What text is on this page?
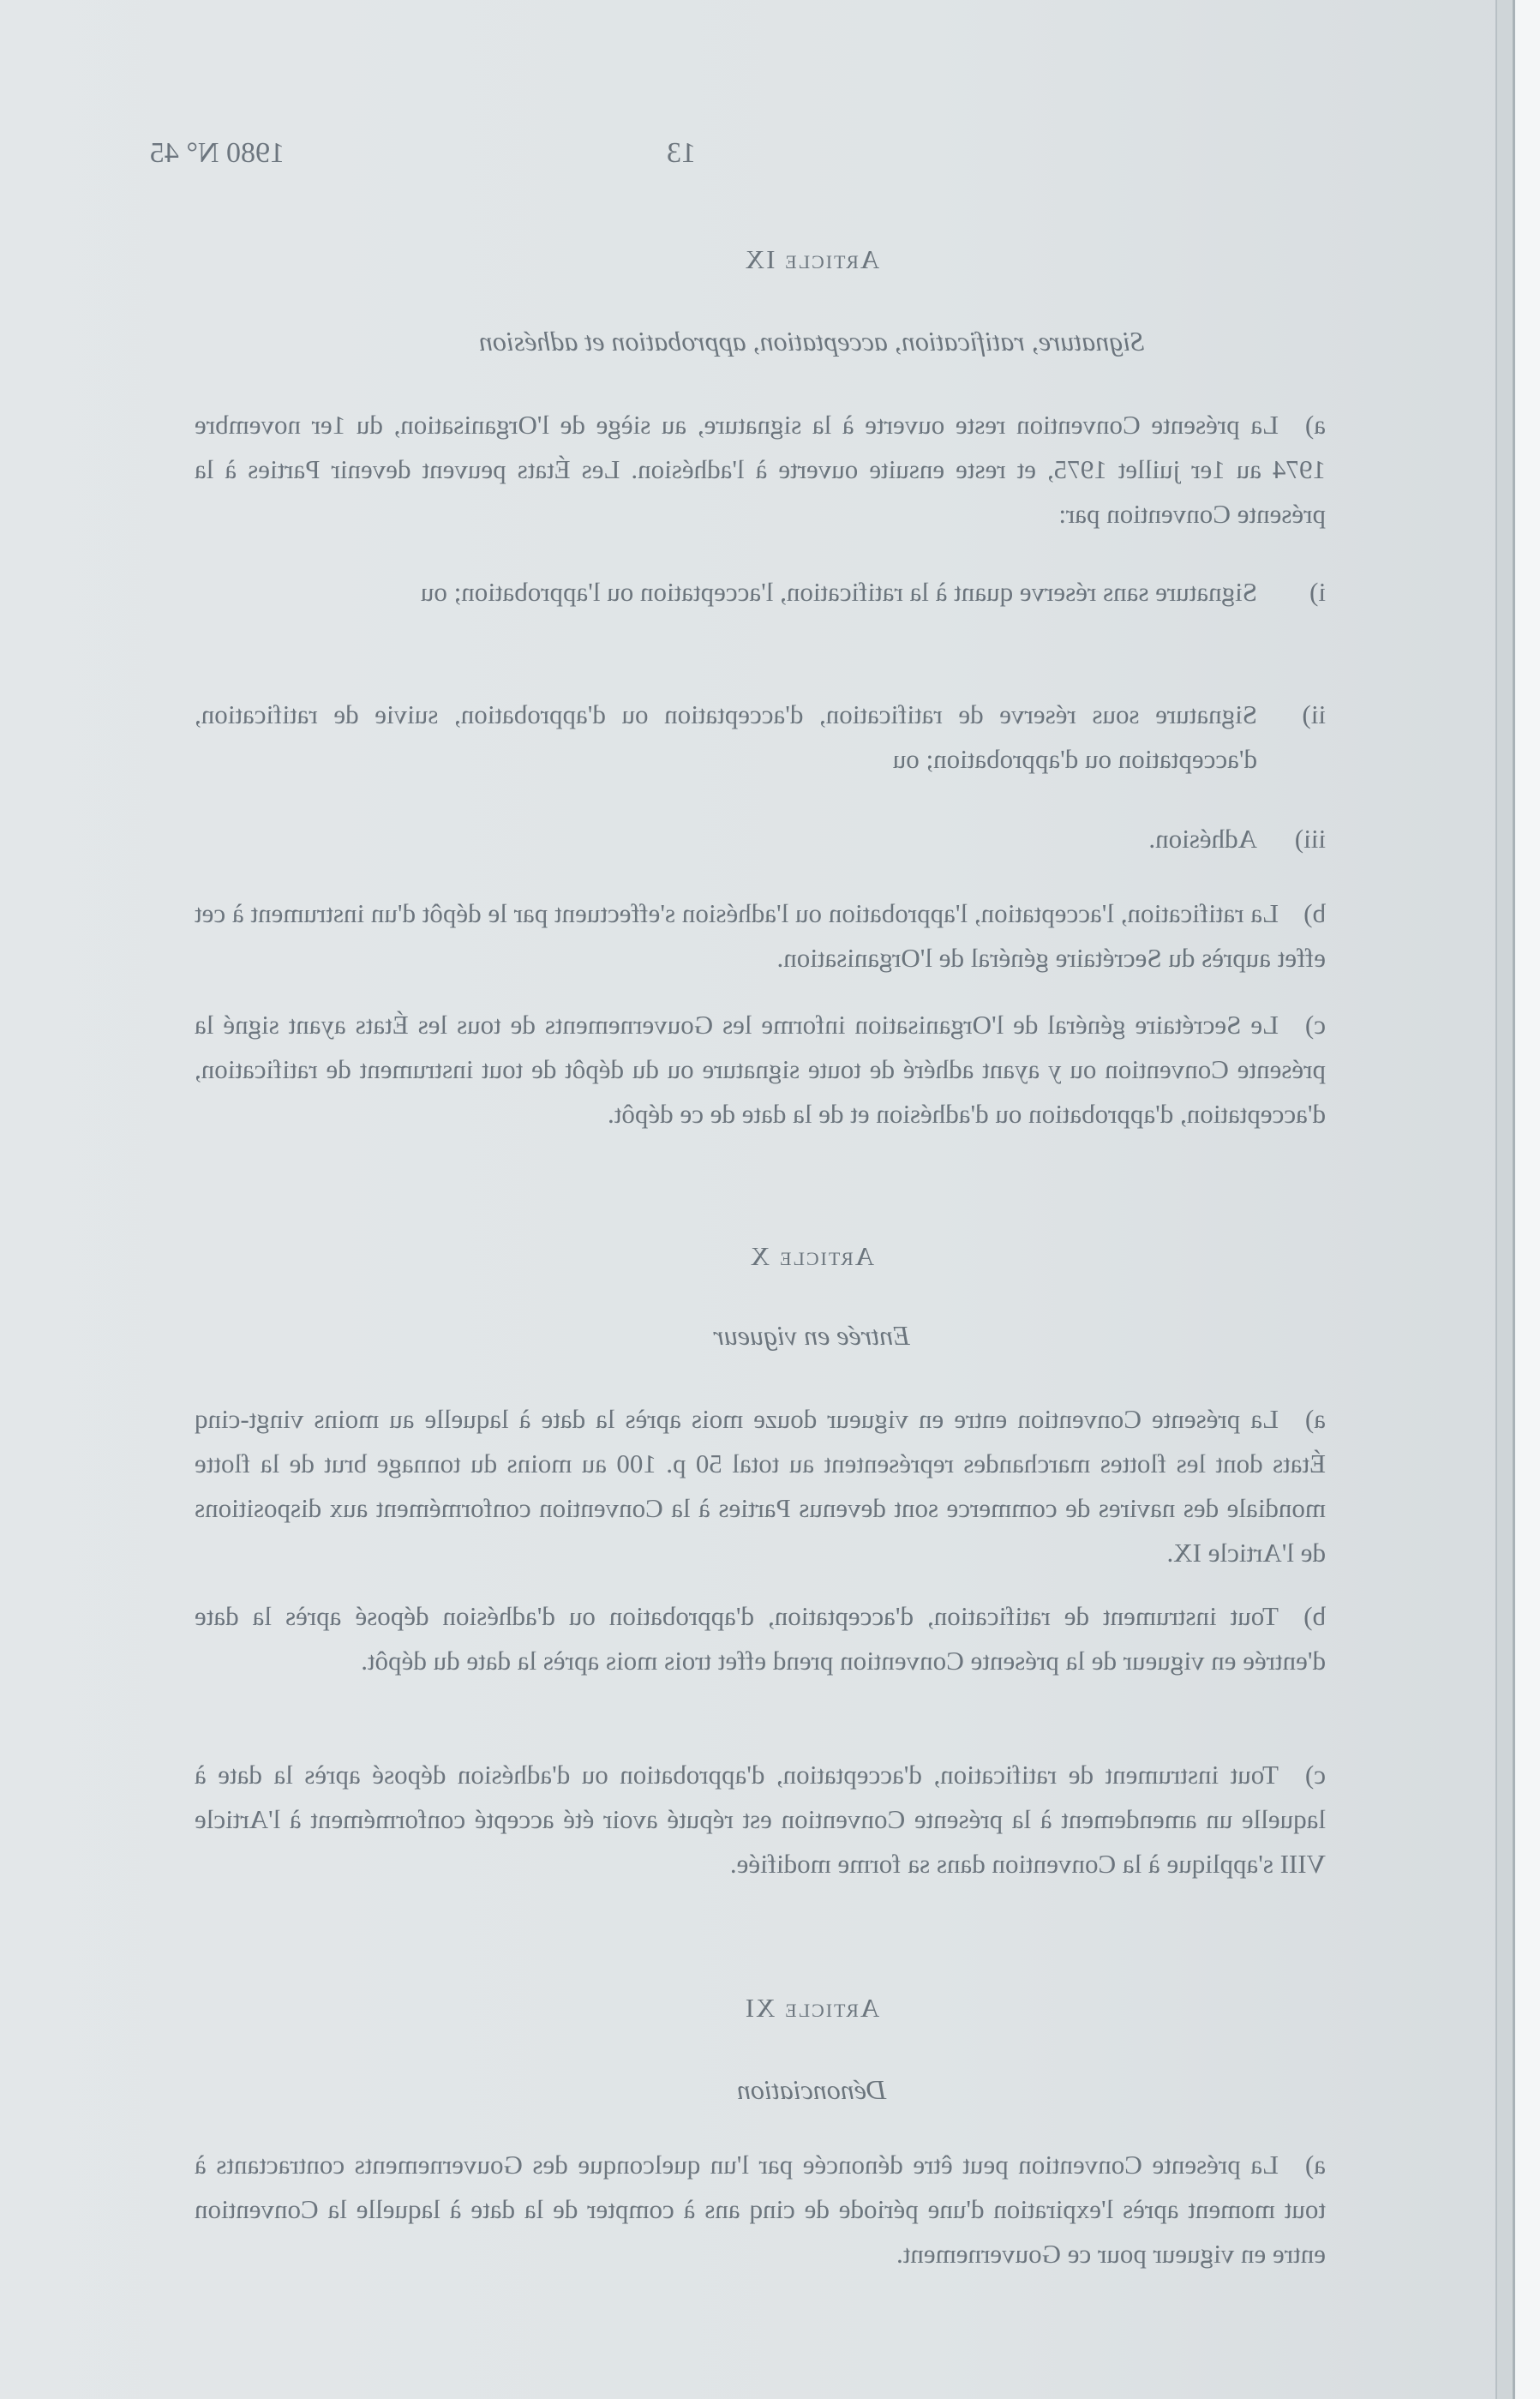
13
1980 N° 45
Article IX
Signature, ratification, acceptation, approbation et adhésion
a)La présente Convention reste ouverte à la signature, au siège de l'Organisation, du 1er novembre 1974 au 1er juillet 1975, et reste ensuite ouverte à l'adhésion. Les États peuvent devenir Parties à la présente Convention par:
i)
Signature sans réserve quant à la ratification, l'acceptation ou l'approbation; ou
ii)
Signature sous réserve de ratification, d'acceptation ou d'approbation, suivie de ratification, d'acceptation ou d'approbation; ou
iii)
Adhésion.
b)La ratification, l'acceptation, l'approbation ou l'adhésion s'effectuent par le dépôt d'un instrument à cet effet auprès du Secrétaire général de l'Organisation.
c)Le Secrétaire général de l'Organisation informe les Gouvernements de tous les États ayant signé la présente Convention ou y ayant adhéré de toute signature ou du dépôt de tout instrument de ratification, d'acceptation, d'approbation ou d'adhésion et de la date de ce dépôt.
Article X
Entrée en vigueur
a)La présente Convention entre en vigueur douze mois après la date à laquelle au moins vingt-cinq États dont les flottes marchandes représentent au total 50 p. 100 au moins du tonnage brut de la flotte mondiale des navires de commerce sont devenus Parties à la Convention conformément aux dispositions de l'Article IX.
b)Tout instrument de ratification, d'acceptation, d'approbation ou d'adhésion déposé après la date d'entrée en vigueur de la présente Convention prend effet trois mois après la date du dépôt.
c)Tout instrument de ratification, d'acceptation, d'approbation ou d'adhésion déposé après la date à laquelle un amendement à la présente Convention est réputé avoir été accepté conformément à l'Article VIII s'applique à la Convention dans sa forme modifiée.
Article XI
Dénonciation
a)La présente Convention peut être dénoncée par l'un quelconque des Gouvernements contractants à tout moment après l'expiration d'une période de cinq ans à compter de la date à laquelle la Convention entre en vigueur pour ce Gouvernement.
